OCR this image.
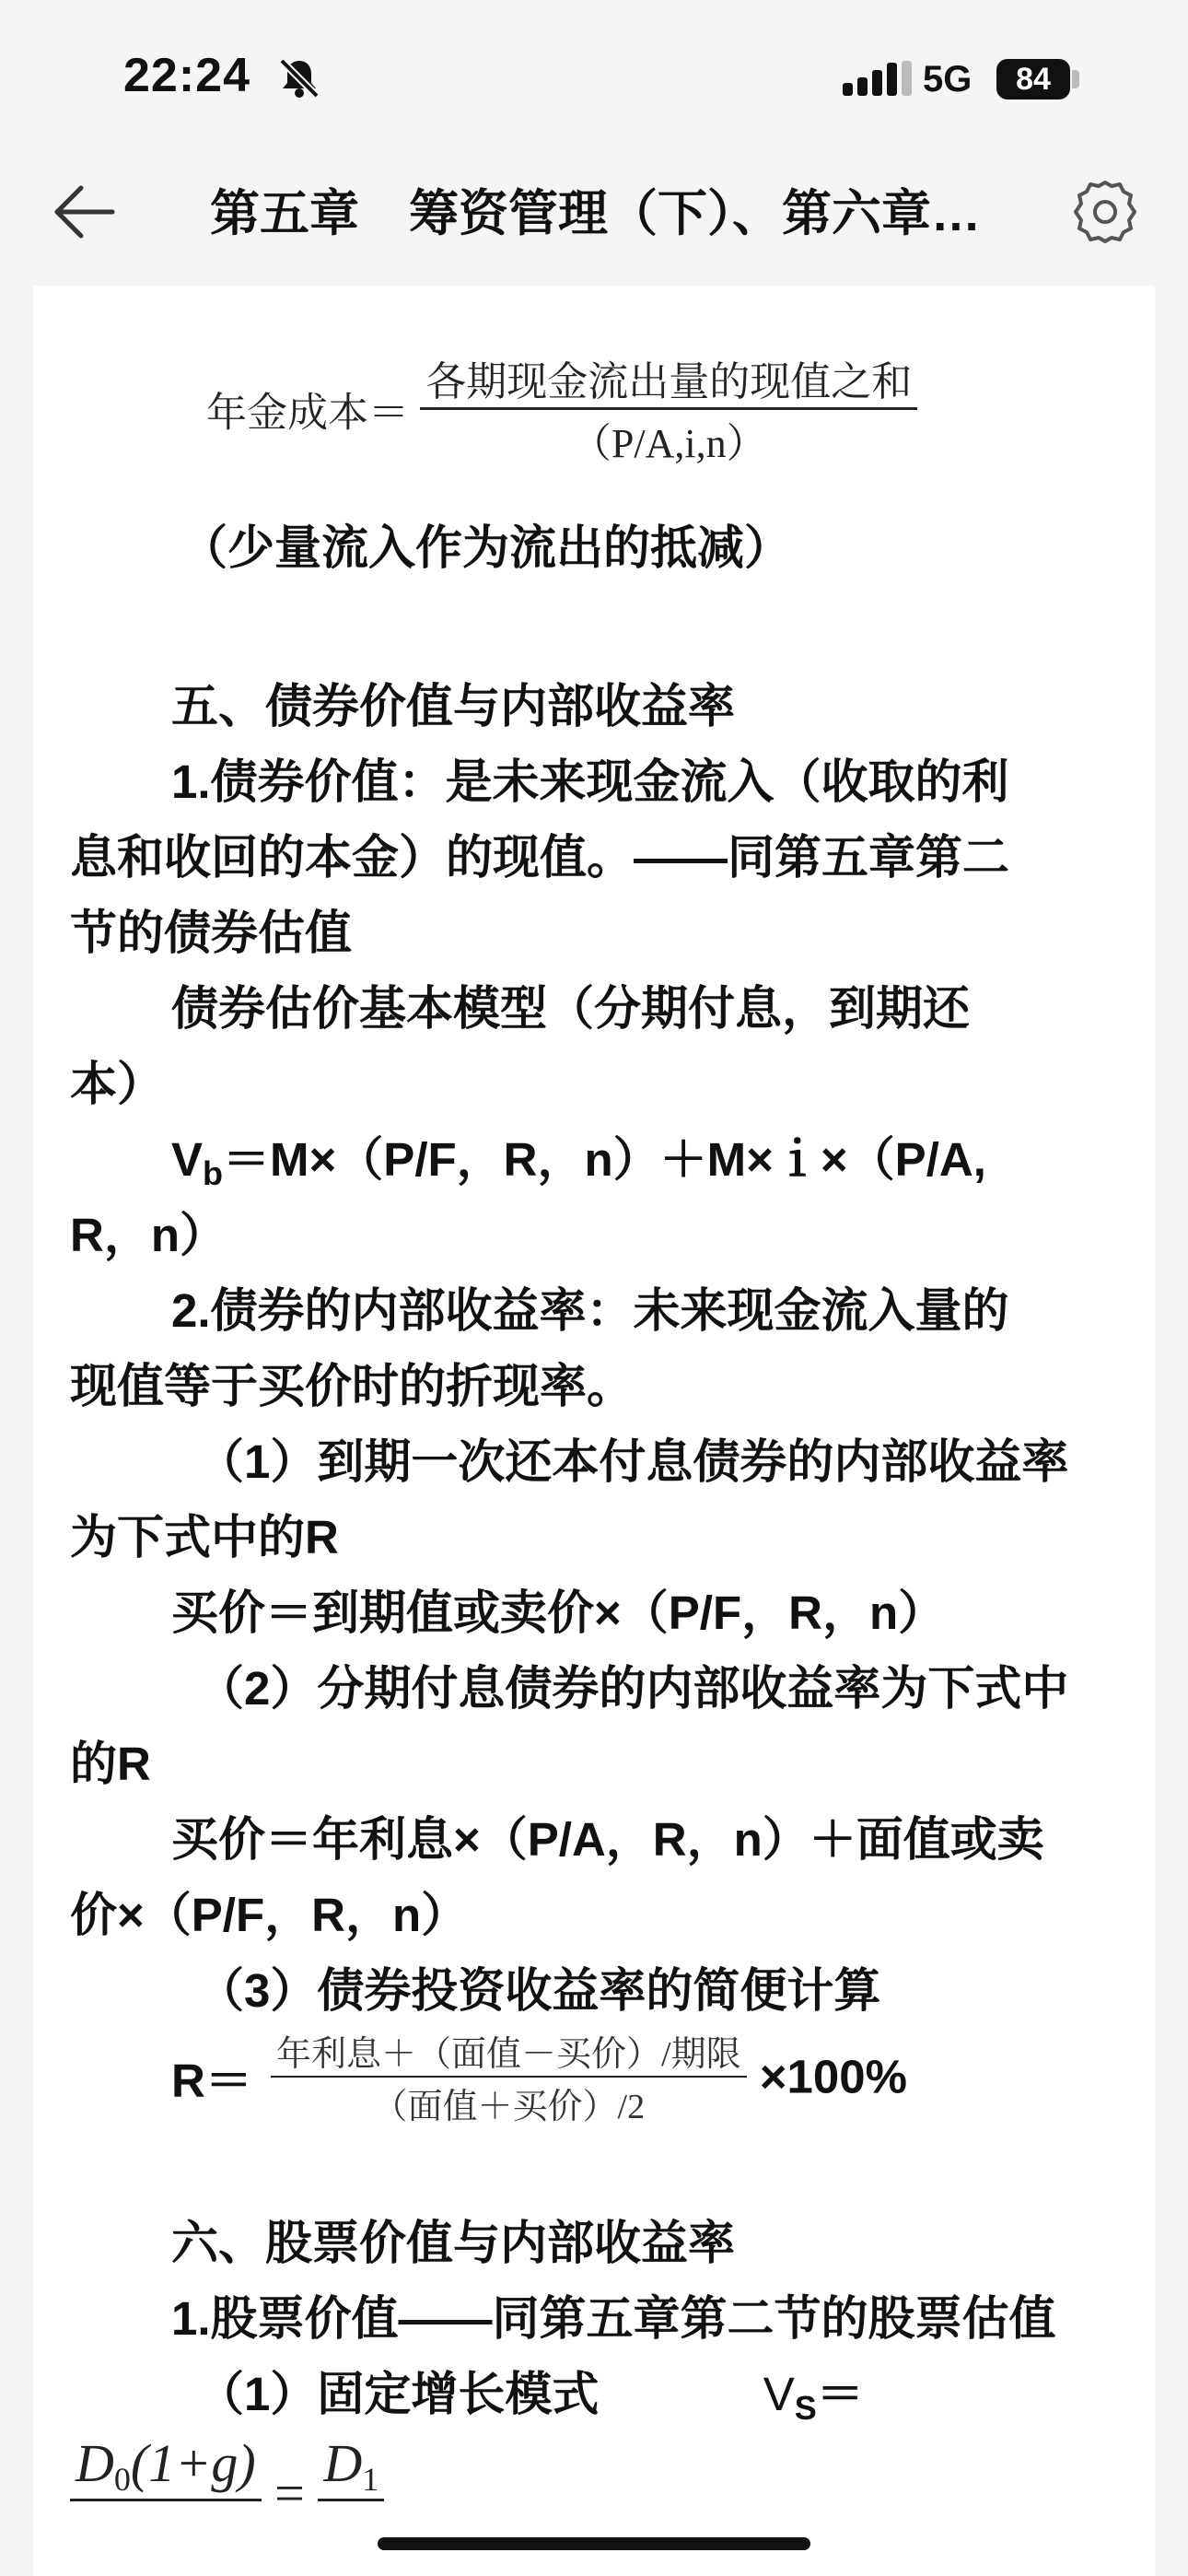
22:24	5G	84
第五章　筹资管理（下）、第六章…
年金成本＝ $\frac{\text{各期现金流出量的现值之和}}{(P/A,i,n)}$
（少量流入作为流出的抵减）
五、债券价值与内部收益率
1.债券价值：是未来现金流入（收取的利
息和收回的本金）的现值。——同第五章第二
节的债券估值
债券估价基本模型（分期付息，到期还
本）
$V_b=M\times(P/F$，R，n）＋M×ｉ×（P/A,
R，n）
2.债券的内部收益率：未来现金流入量的
现值等于买价时的折现率。
（1）到期一次还本付息债券的内部收益率
为下式中的R
买价＝到期值或卖价×（P/F，R，n）
（2）分期付息债券的内部收益率为下式中
的R
买价＝年利息×（P/A，R，n）＋面值或卖
价×（P/F，R，n）
（3）债券投资收益率的简便计算
$R= \frac{\text{年利息＋（面值－买价）/期限}}{\text{（面值＋买价）/2}} \times 100\%$
六、股票价值与内部收益率
1.股票价值——同第五章第二节的股票估值
（1）固定增长模式	$V_S=$
$D_0(1+g) = D_1$
